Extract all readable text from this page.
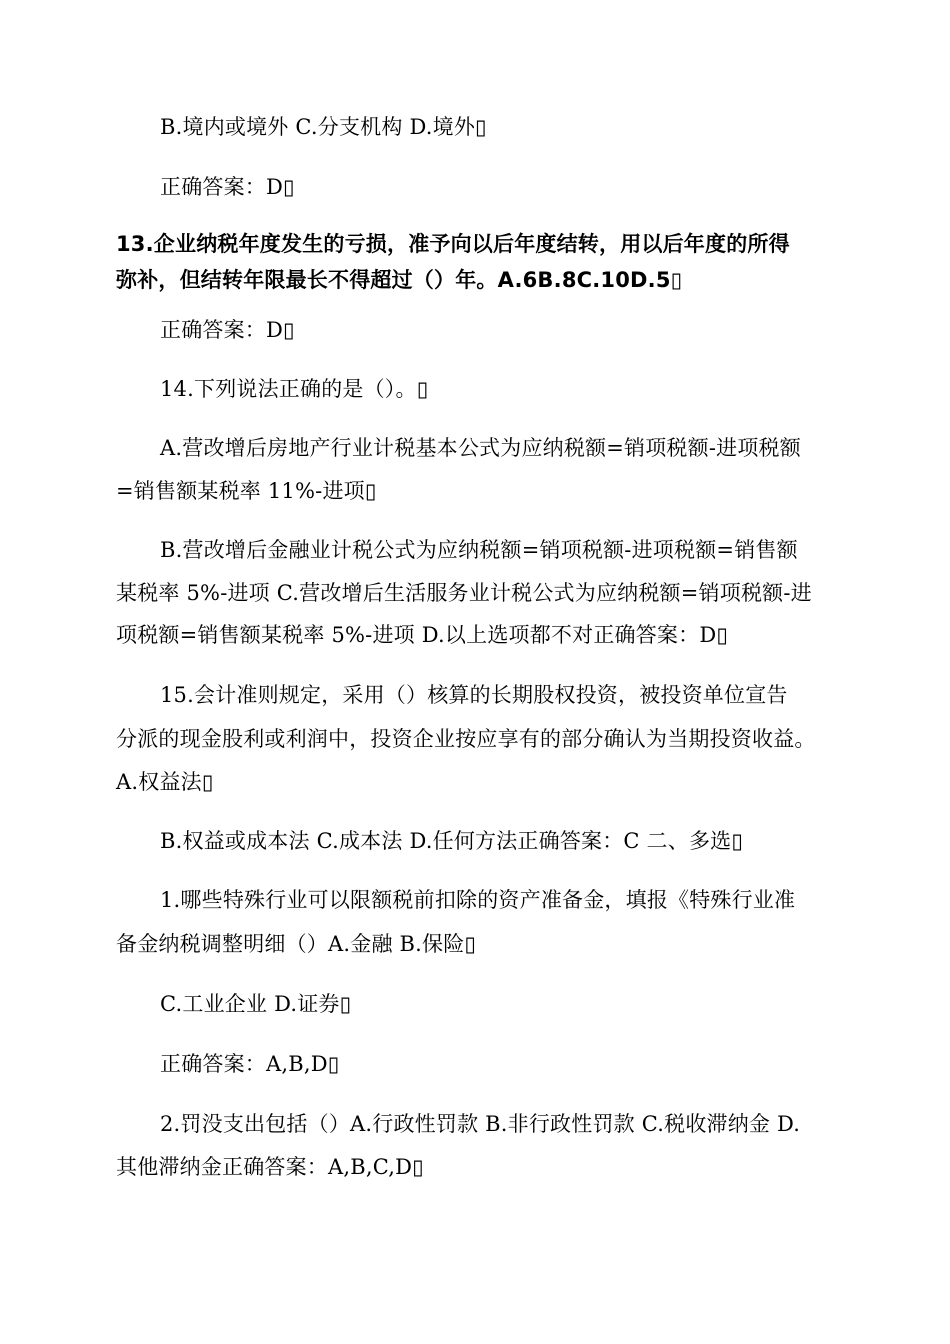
B.境内或境外 C.分支机构 D.境外▯
正确答案：D▯
13.企业纳税年度发生的亏损，准予向以后年度结转，用以后年度的所得
弥补，但结转年限最长不得超过（）年。A.6B.8C.10D.5▯
正确答案：D▯
14.下列说法正确的是（）。▯
A.营改增后房地产行业计税基本公式为应纳税额=销项税额-进项税额
=销售额某税率 11%-进项▯
B.营改增后金融业计税公式为应纳税额=销项税额-进项税额=销售额
某税率 5%-进项 C.营改增后生活服务业计税公式为应纳税额=销项税额-进
项税额=销售额某税率 5%-进项 D.以上选项都不对正确答案：D▯
15.会计准则规定，采用（）核算的长期股权投资，被投资单位宣告
分派的现金股利或利润中，投资企业按应享有的部分确认为当期投资收益。
A.权益法▯
B.权益或成本法 C.成本法 D.任何方法正确答案：C 二、多选▯
1.哪些特殊行业可以限额税前扣除的资产准备金，填报《特殊行业准
备金纳税调整明细（）A.金融 B.保险▯
C.工业企业 D.证券▯
正确答案：A,B,D▯
2.罚没支出包括（）A.行政性罚款 B.非行政性罚款 C.税收滞纳金 D.
其他滞纳金正确答案：A,B,C,D▯
